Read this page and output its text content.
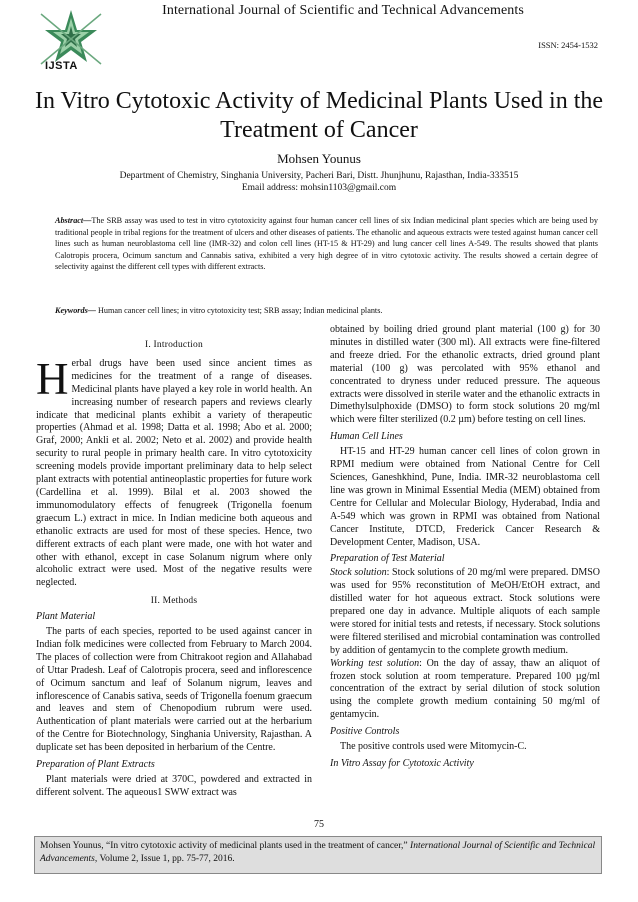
IJSTA
International Journal of Scientific and Technical Advancements
ISSN: 2454-1532
In Vitro Cytotoxic Activity of Medicinal Plants Used in the Treatment of Cancer
Mohsen Younus
Department of Chemistry, Singhania University, Pacheri Bari, Distt. Jhunjhunu, Rajasthan, India-333515
Email address: mohsin1103@gmail.com
Abstract—The SRB assay was used to test in vitro cytotoxicity against four human cancer cell lines of six Indian medicinal plant species which are being used by traditional people in tribal regions for the treatment of ulcers and other diseases of patients. The ethanolic and aqueous extracts were tested against human cancer cell lines such as human neuroblastoma cell line (IMR-32) and colon cell lines (HT-15 & HT-29) and lung cancer cell lines A-549. The results showed that plants Calotropis procera, Ocimum sanctum and Cannabis sativa, exhibited a very high degree of in vitro cytotoxic activity. The results showed a certain degree of selectivity against the different cell types with different extracts.
Keywords— Human cancer cell lines; in vitro cytotoxicity test; SRB assay; Indian medicinal plants.

I. Introduction

Herbal drugs have been used since ancient times as medicines for the treatment of a range of diseases. Medicinal plants have played a key role in world health. An increasing number of research papers and reviews clearly indicate that medicinal plants exhibit a variety of therapeutic properties (Ahmad et al. 1998; Datta et al. 1998; Abo et al. 2000; Graf, 2000; Ankli et al. 2002; Neto et al. 2002) and provide health security to rural people in primary health care. In vitro cytotoxicity screening models provide important preliminary data to help select plant extracts with potential antineoplastic properties for future work (Cardellina et al. 1999). Bilal et al. 2003 showed the immunomodulatory effects of fenugreek (Trigonella foenum graecum L.) extract in mice. In Indian medicine both aqueous and ethanolic extracts are used for most of these species. Hence, two different extracts of each plant were made, one with hot water and other with ethanol, except in case Solanum nigrum where only alcoholic extract were used. Most of the negative results were neglected.

II. Methods

Plant Material

The parts of each species, reported to be used against cancer in Indian folk medicines were collected from February to March 2004. The places of collection were from Chitrakoot region and Allahabad of Uttar Pradesh. Leaf of Calotropis procera, seed and inflorescence of Ocimum sanctum and leaf of Solanum nigrum, leaves and inflorescence of Canabis sativa, seeds of Trigonella foenum graecum and leaves and stem of Chenopodium rubrum were used. Authentication of plant materials were carried out at the herbarium of the Centre for Biotechnology, Singhania University, Rajasthan. A duplicate set has been deposited in herbarium of the Centre.

Preparation of Plant Extracts

Plant materials were dried at 370C, powdered and extracted in different solvent. The aqueous1 SWW extract was

obtained by boiling dried ground plant material (100 g) for 30 minutes in distilled water (300 ml). All extracts were fine-filtered and freeze dried. For the ethanolic extracts, dried ground plant material (100 g) was percolated with 95% ethanol and concentrated to dryness under reduced pressure. The aqueous extracts were dissolved in sterile water and the ethanolic extracts in Dimethylsulphoxide (DMSO) to form stock solutions 20 mg/ml which were filter sterilized (0.2 µm) before testing on cell lines.

Human Cell Lines

HT-15 and HT-29 human cancer cell lines of colon grown in RPMI medium were obtained from National Centre for Cell Sciences, Ganeshkhind, Pune, India. IMR-32 neuroblastoma cell line was grown in Minimal Essential Media (MEM) obtained from Centre for Cellular and Molecular Biology, Hyderabad, India and A-549 which was grown in RPMI was obtained from National Cancer Institute, DTCD, Frederick Cancer Research & Development Center, Madison, USA.

Preparation of Test Material

Stock solution: Stock solutions of 20 mg/ml were prepared. DMSO was used for 95% reconstitution of MeOH/EtOH extract, and distilled water for hot aqueous extract. Stock solutions were prepared one day in advance. Multiple aliquots of each sample were stored for initial tests and retests, if necessary. Stock solutions were filtered sterilised and microbial contamination was controlled by addition of gentamycin to the complete growth medium.

Working test solution: On the day of assay, thaw an aliquot of frozen stock solution at room temperature. Prepared 100 µg/ml concentration of the extract by serial dilution of stock solution using the complete growth medium containing 50 mg/ml of gentamycin.

Positive Controls

The positive controls used were Mitomycin-C.

In Vitro Assay for Cytotoxic Activity

75
Mohsen Younus, “In vitro cytotoxic activity of medicinal plants used in the treatment of cancer,” International Journal of Scientific and Technical Advancements, Volume 2, Issue 1, pp. 75-77, 2016.
